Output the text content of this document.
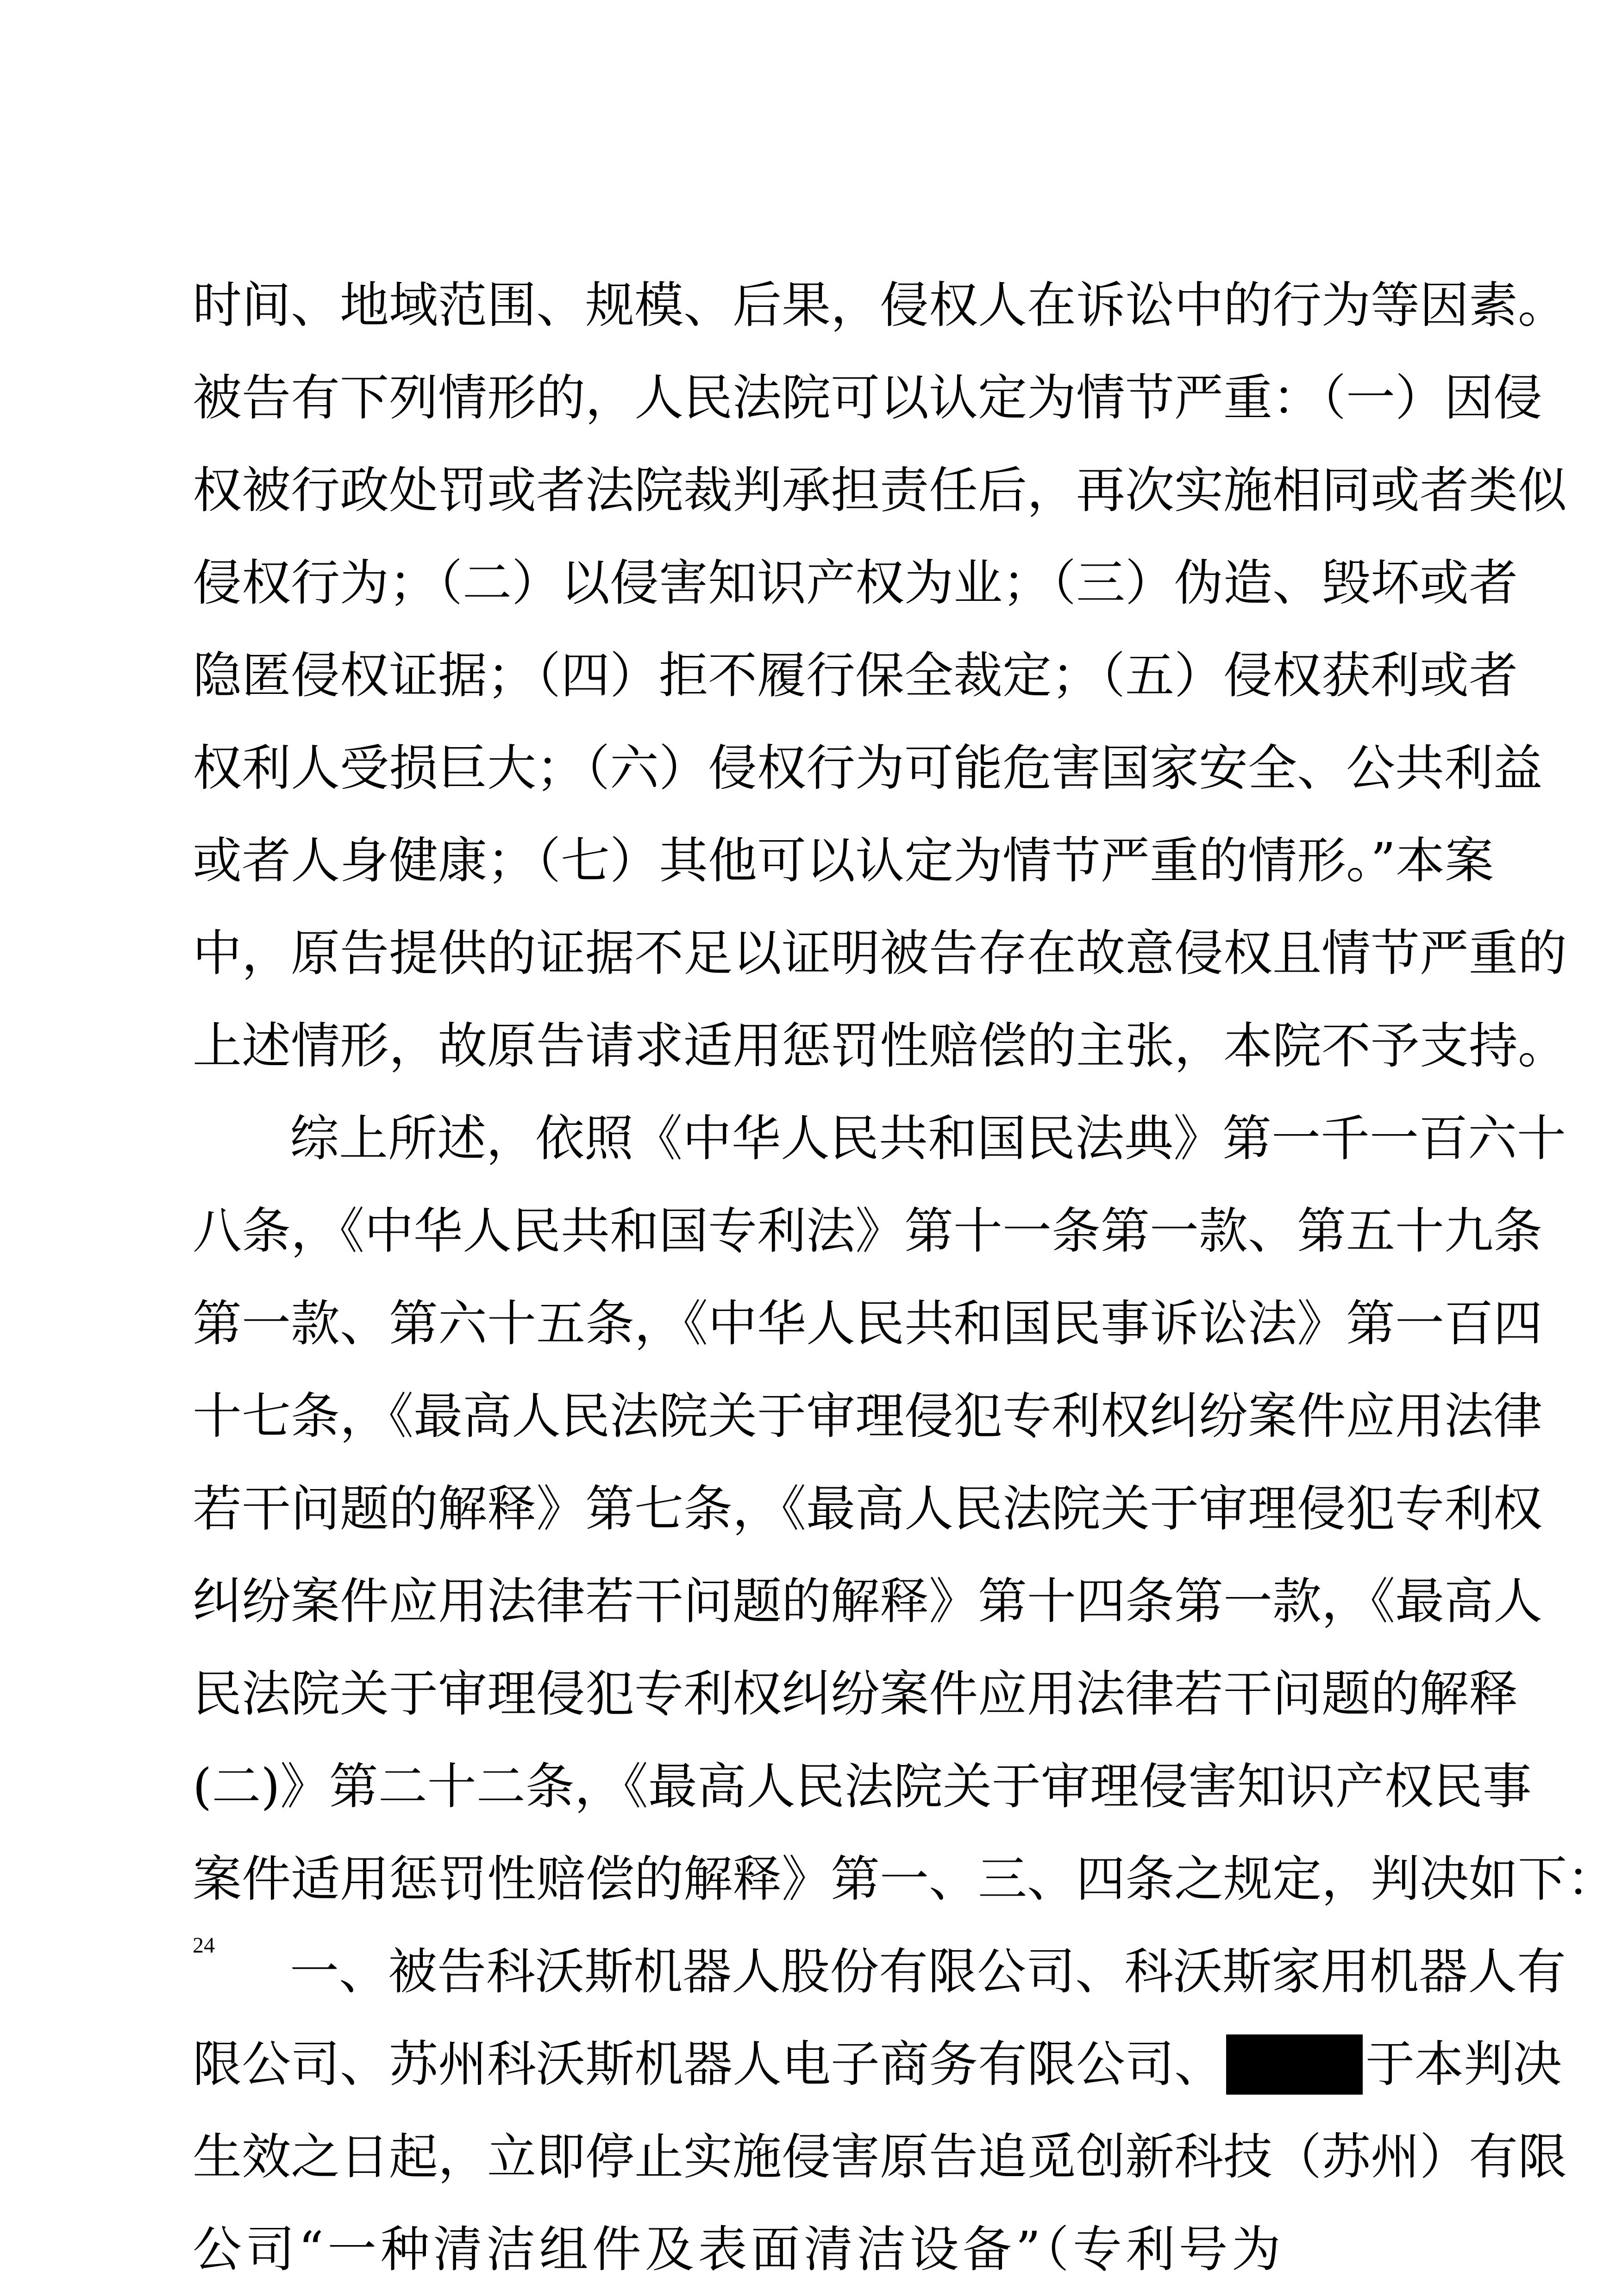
时间、地域范围、规模、后果，侵权人在诉讼中的行为等因素。
被告有下列情形的，人民法院可以认定为情节严重：（一）因侵
权被行政处罚或者法院裁判承担责任后，再次实施相同或者类似
侵权行为；（二）以侵害知识产权为业；（三）伪造、毁坏或者
隐匿侵权证据；（四）拒不履行保全裁定；（五）侵权获利或者
权利人受损巨大；（六）侵权行为可能危害国家安全、公共利益
或者人身健康；（七）其他可以认定为情节严重的情形。”本案
中，原告提供的证据不足以证明被告存在故意侵权且情节严重的
上述情形，故原告请求适用惩罚性赔偿的主张，本院不予支持。
综上所述，依照《中华人民共和国民法典》第一千一百六十
八条，《中华人民共和国专利法》第十一条第一款、第五十九条
第一款、第六十五条，《中华人民共和国民事诉讼法》第一百四
十七条，《最高人民法院关于审理侵犯专利权纠纷案件应用法律
若干问题的解释》第七条，《最高人民法院关于审理侵犯专利权
纠纷案件应用法律若干问题的解释》第十四条第一款，《最高人
民法院关于审理侵犯专利权纠纷案件应用法律若干问题的解释
(二)》第二十二条，《最高人民法院关于审理侵害知识产权民事
案件适用惩罚性赔偿的解释》第一、三、四条之规定，判决如下：
一、被告科沃斯机器人股份有限公司、科沃斯家用机器人有
限公司、苏州科沃斯机器人电子商务有限公司、	于本判决
生效之日起，立即停止实施侵害原告追觅创新科技（苏州）有限
公司“一种清洁组件及表面清洁设备”（专利号为
24
